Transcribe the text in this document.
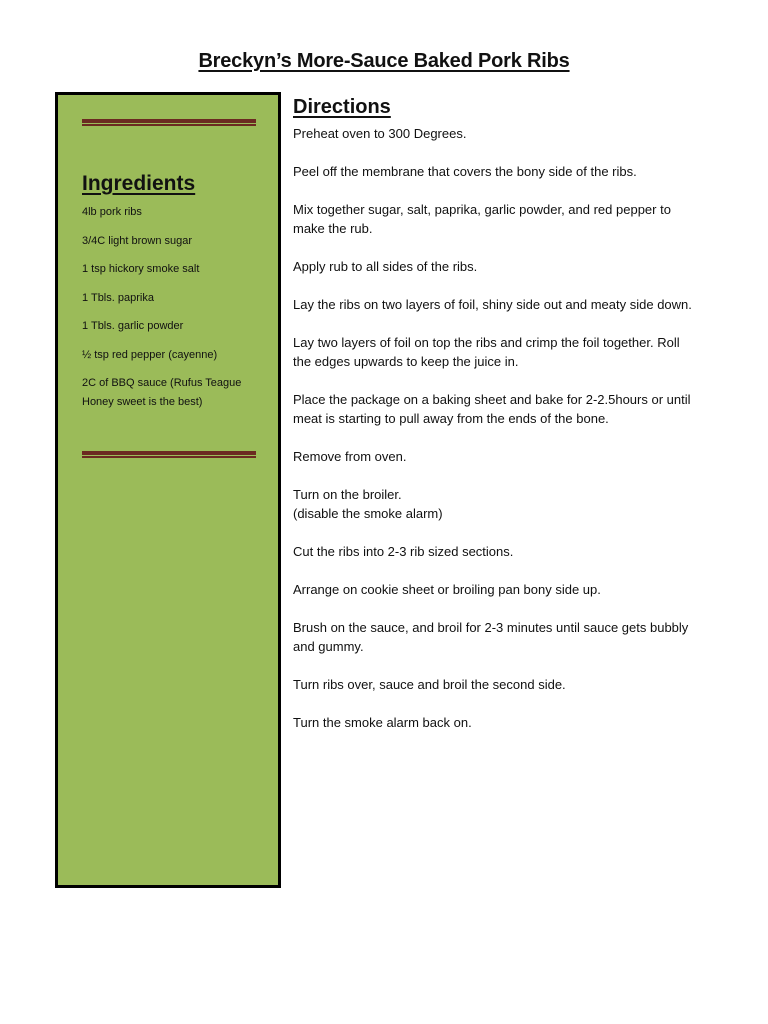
Breckyn’s More-Sauce Baked Pork Ribs
Ingredients
4lb pork ribs
3/4C light brown sugar
1 tsp hickory smoke salt
1 Tbls. paprika
1 Tbls. garlic powder
½ tsp red pepper (cayenne)
2C of BBQ sauce (Rufus Teague Honey sweet is the best)
Directions
Preheat oven to 300 Degrees.
Peel off the membrane that covers the bony side of the ribs.
Mix together sugar, salt, paprika, garlic powder, and red pepper to make the rub.
Apply rub to all sides of the ribs.
Lay the ribs on two layers of foil, shiny side out and meaty side down.
Lay two layers of foil on top the ribs and crimp the foil together. Roll the edges upwards to keep the juice in.
Place the package on a baking sheet and bake for 2-2.5hours or until meat is starting to pull away from the ends of the bone.
Remove from oven.
Turn on the broiler.
(disable the smoke alarm)
Cut the ribs into 2-3 rib sized sections.
Arrange on cookie sheet or broiling pan bony side up.
Brush on the sauce, and broil for 2-3 minutes until sauce gets bubbly and gummy.
Turn ribs over, sauce and broil the second side.
Turn the smoke alarm back on.
